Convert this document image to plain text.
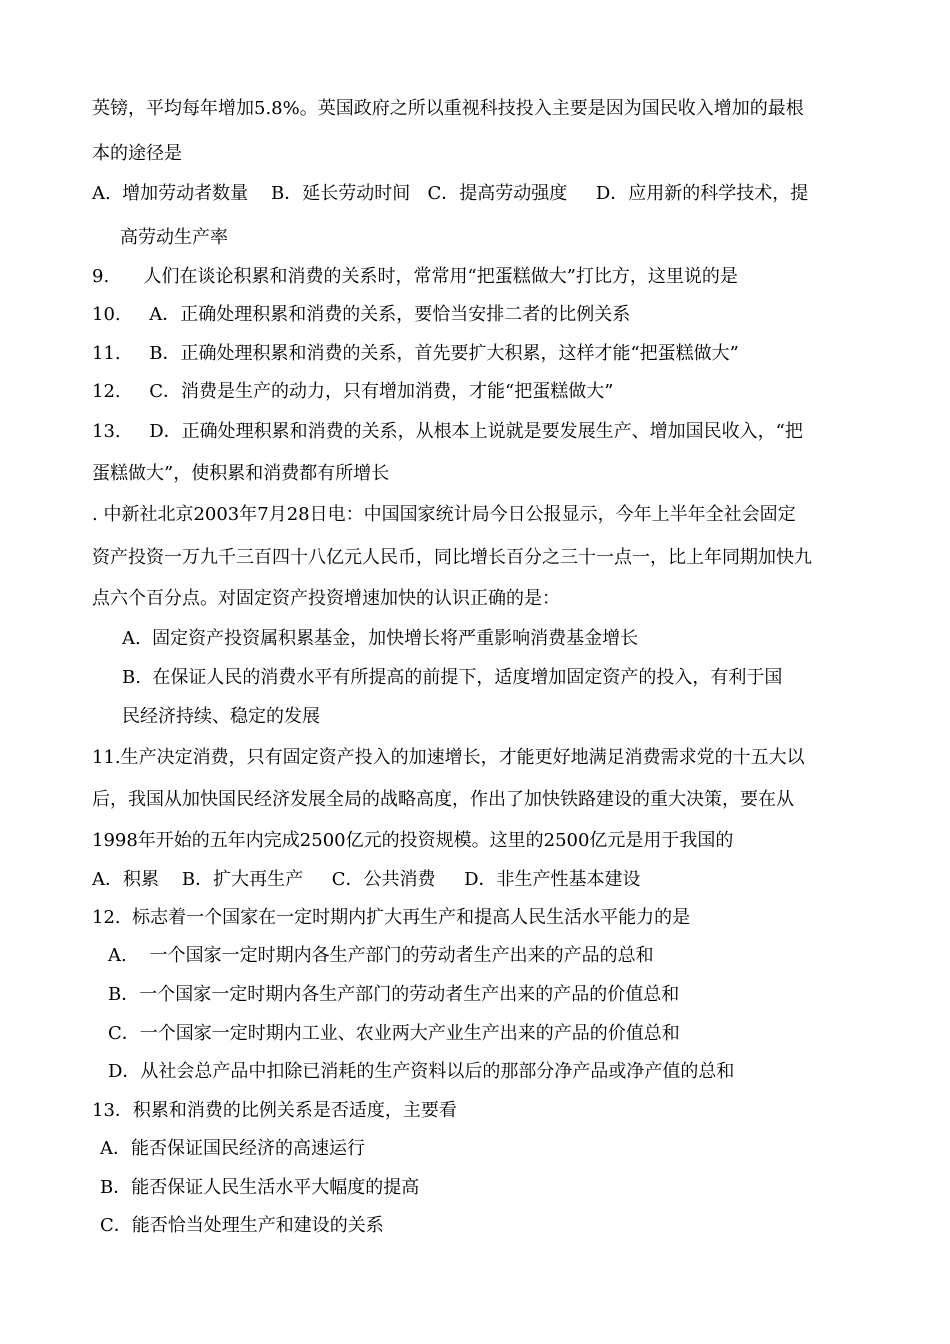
英镑，平均每年增加5.8%。英国政府之所以重视科技投入主要是因为国民收入增加的最根
本的途径是
A.  增加劳动者数量    B．延长劳动时间   C．提高劳动强度     D．应用新的科学技术，提
高劳动生产率
9.      人们在谈论积累和消费的关系时，常常用“把蛋糕做大”打比方，这里说的是
10.     A．正确处理积累和消费的关系，要恰当安排二者的比例关系
11.     B．正确处理积累和消费的关系，首先要扩大积累，这样才能“把蛋糕做大”
12.     C．消费是生产的动力，只有增加消费，才能“把蛋糕做大”
13.     D．正确处理积累和消费的关系，从根本上说就是要发展生产、增加国民收入，“把
蛋糕做大”，使积累和消费都有所增长
. 中新社北京2003年7月28日电：中国国家统计局今日公报显示，今年上半年全社会固定
资产投资一万九千三百四十八亿元人民币，同比增长百分之三十一点一，比上年同期加快九
点六个百分点。对固定资产投资增速加快的认识正确的是：
A.  固定资产投资属积累基金，加快增长将严重影响消费基金增长
B.  在保证人民的消费水平有所提高的前提下，适度增加固定资产的投入，有利于国
民经济持续、稳定的发展
11.生产决定消费，只有固定资产投入的加速增长，才能更好地满足消费需求党的十五大以
后，我国从加快国民经济发展全局的战略高度，作出了加快铁路建设的重大决策，要在从
1998年开始的五年内完成2500亿元的投资规模。这里的2500亿元是用于我国的
A．积累    B．扩大再生产     C．公共消费     D．非生产性基本建设
12.  标志着一个国家在一定时期内扩大再生产和提高人民生活水平能力的是
A.    一个国家一定时期内各生产部门的劳动者生产出来的产品的总和
B．一个国家一定时期内各生产部门的劳动者生产出来的产品的价值总和
C．一个国家一定时期内工业、农业两大产业生产出来的产品的价值总和
D．从社会总产品中扣除已消耗的生产资料以后的那部分净产品或净产值的总和
13．积累和消费的比例关系是否适度，主要看
A．能否保证国民经济的高速运行
B．能否保证人民生活水平大幅度的提高
C．能否恰当处理生产和建设的关系
